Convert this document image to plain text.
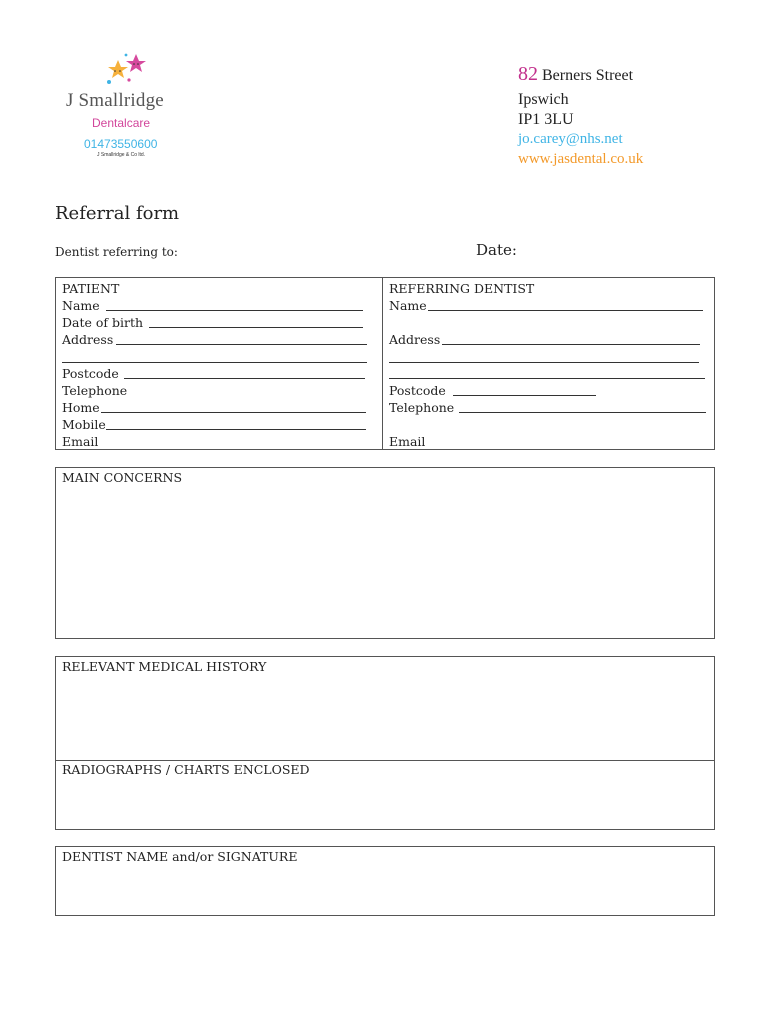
J Smallridge
Dentalcare
01473550600
J Smallridge & Co ltd.
82 Berners Street
Ipswich
IP1 3LU
jo.carey@nhs.net
www.jasdental.co.uk
Referral form
Dentist referring to:	Date:
PATIENT
Name
Date of birth
Address
Postcode
Telephone
Home
Mobile
Email
REFERRING DENTIST
Name
Address
Postcode
Telephone
Email
MAIN CONCERNS
RELEVANT MEDICAL HISTORY
RADIOGRAPHS / CHARTS ENCLOSED
DENTIST NAME and/or SIGNATURE
